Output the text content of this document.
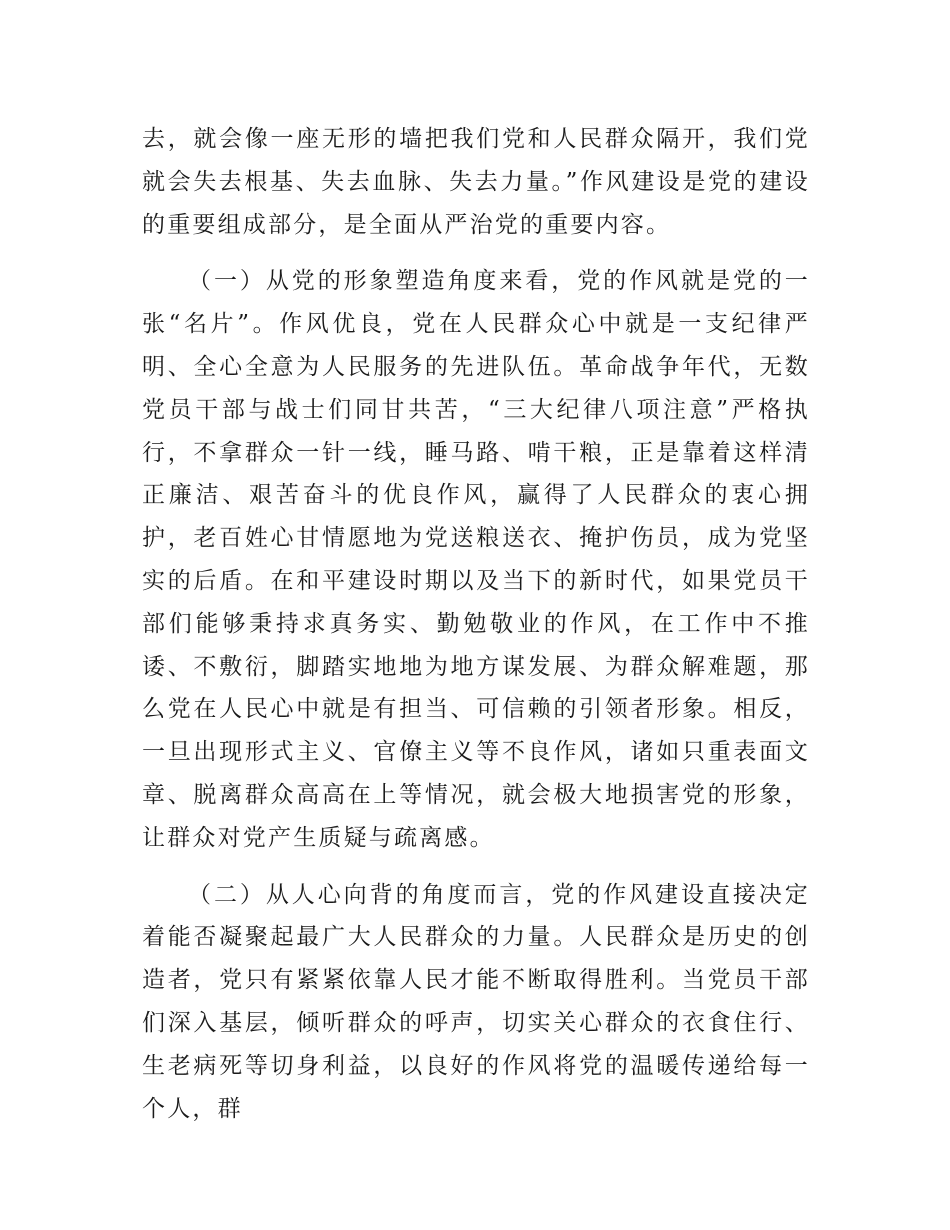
去，就会像一座无形的墙把我们党和人民群众隔开，我们党就会失去根基、失去血脉、失去力量。”作风建设是党的建设的重要组成部分，是全面从严治党的重要内容。

（一）从党的形象塑造角度来看，党的作风就是党的一张“名片”。作风优良，党在人民群众心中就是一支纪律严明、全心全意为人民服务的先进队伍。革命战争年代，无数党员干部与战士们同甘共苦，“三大纪律八项注意”严格执行，不拿群众一针一线，睡马路、啃干粮，正是靠着这样清正廉洁、艰苦奋斗的优良作风，赢得了人民群众的衷心拥护，老百姓心甘情愿地为党送粮送衣、掩护伤员，成为党坚实的后盾。在和平建设时期以及当下的新时代，如果党员干部们能够秉持求真务实、勤勉敬业的作风，在工作中不推诿、不敷衍，脚踏实地地为地方谋发展、为群众解难题，那么党在人民心中就是有担当、可信赖的引领者形象。相反，一旦出现形式主义、官僚主义等不良作风，诸如只重表面文章、脱离群众高高在上等情况，就会极大地损害党的形象，让群众对党产生质疑与疏离感。

（二）从人心向背的角度而言，党的作风建设直接决定着能否凝聚起最广大人民群众的力量。人民群众是历史的创造者，党只有紧紧依靠人民才能不断取得胜利。当党员干部们深入基层，倾听群众的呼声，切实关心群众的衣食住行、生老病死等切身利益，以良好的作风将党的温暖传递给每一个人，群
